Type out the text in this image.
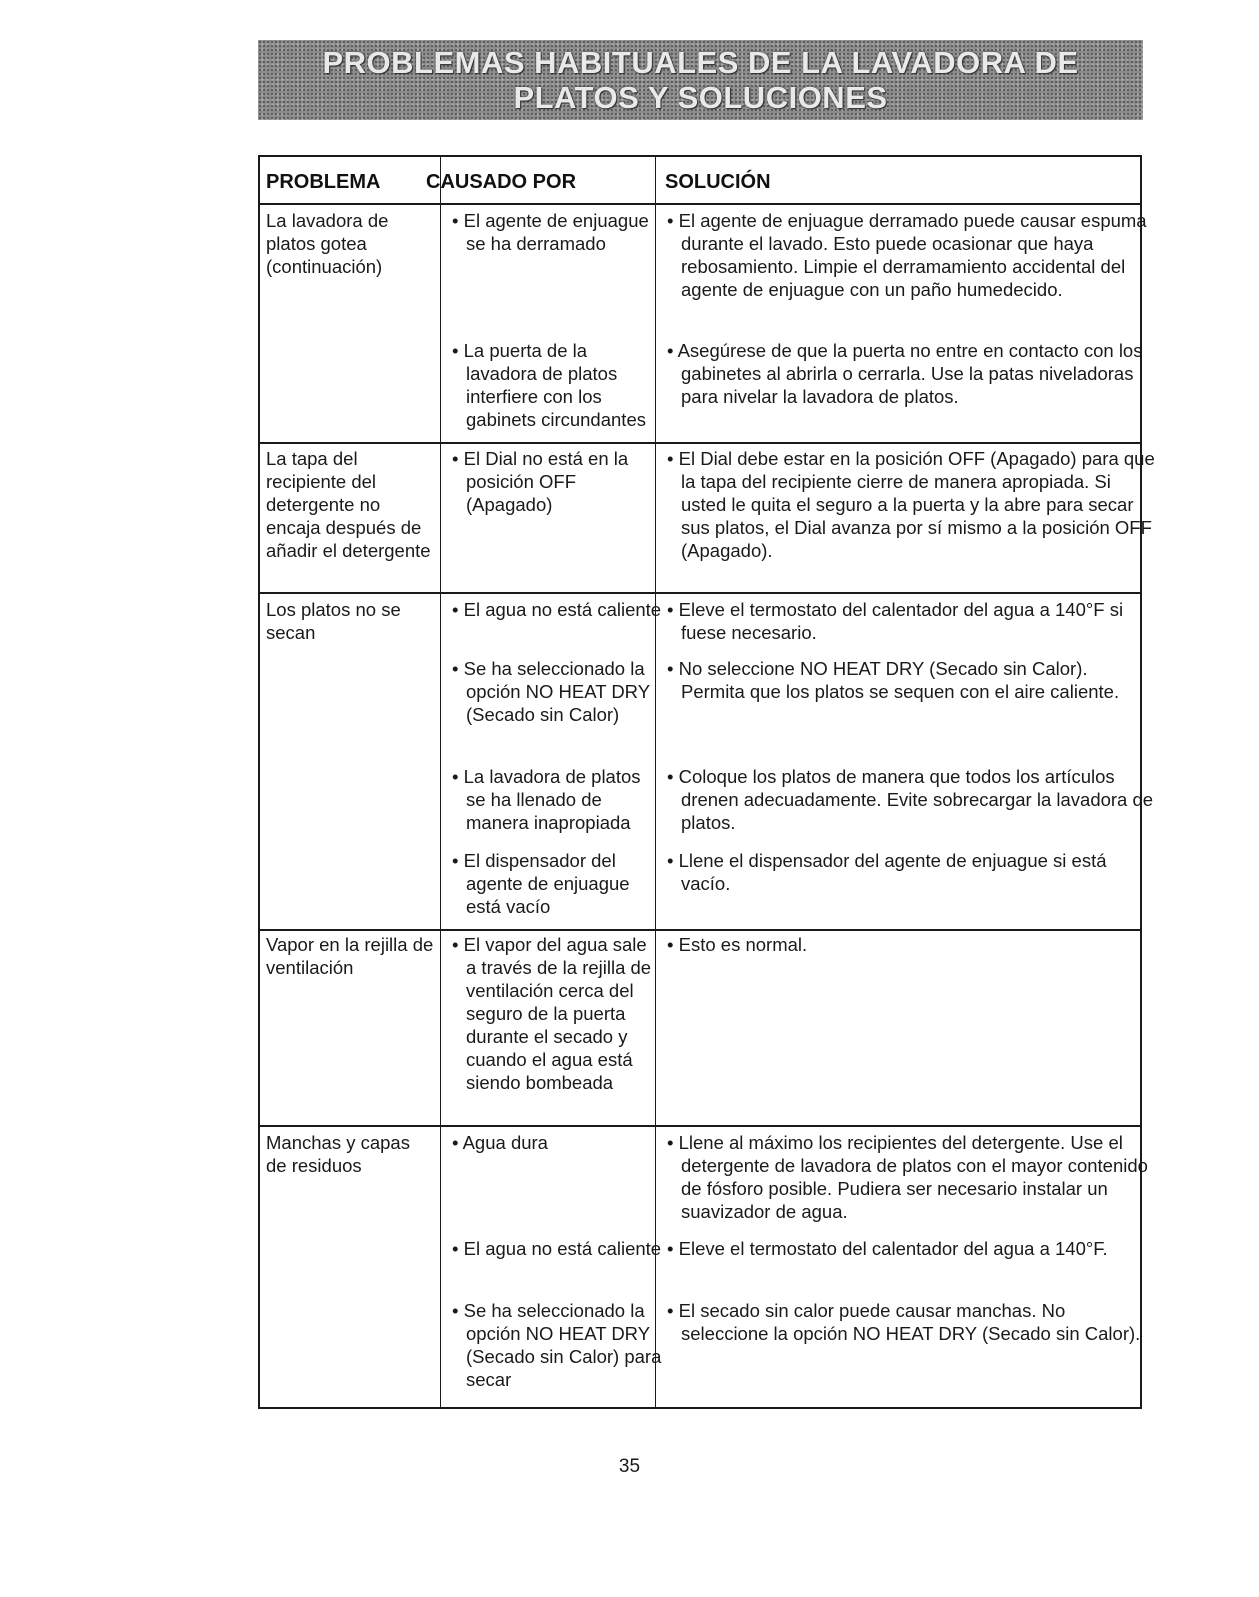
PROBLEMAS HABITUALES DE LA LAVADORA DE
PLATOS Y SOLUCIONES
PROBLEMA CAUSADO POR	SOLUCIÓN
La lavadora de platos gotea (continuación)
• El agente de enjuague se ha derramado
• El agente de enjuague derramado puede causar espuma durante el lavado. Esto puede ocasionar que haya rebosamiento. Limpie el derramamiento accidental del agente de enjuague con un paño humedecido.
• La puerta de la lavadora de platos interfiere con los gabinets circundantes
• Asegúrese de que la puerta no entre en contacto con los gabinetes al abrirla o cerrarla. Use la patas niveladoras para nivelar la lavadora de platos.
La tapa del recipiente del detergente no encaja después de añadir el detergente
• El Dial no está en la posición OFF (Apagado)
• El Dial debe estar en la posición OFF (Apagado) para que la tapa del recipiente cierre de manera apropiada. Si usted le quita el seguro a la puerta y la abre para secar sus platos, el Dial avanza por sí mismo a la posición OFF (Apagado).
Los platos no se secan
• El agua no está caliente • Eleve el termostato del calentador del agua a 140°F si fuese necesario.
• Se ha seleccionado la opción NO HEAT DRY (Secado sin Calor)
• No seleccione NO HEAT DRY (Secado sin Calor). Permita que los platos se sequen con el aire caliente.
• La lavadora de platos se ha llenado de manera inapropiada
• Coloque los platos de manera que todos los artículos drenen adecuadamente. Evite sobrecargar la lavadora de platos.
• El dispensador del agente de enjuague está vacío
• Llene el dispensador del agente de enjuague si está vacío.
Vapor en la rejilla de ventilación
• El vapor del agua sale a través de la rejilla de ventilación cerca del seguro de la puerta durante el secado y cuando el agua está siendo bombeada
• Esto es normal.
Manchas y capas de residuos
• Agua dura	• Llene al máximo los recipientes del detergente. Use el detergente de lavadora de platos con el mayor contenido de fósforo posible. Pudiera ser necesario instalar un suavizador de agua.
• El agua no está caliente • Eleve el termostato del calentador del agua a 140°F.
• Se ha seleccionado la opción NO HEAT DRY (Secado sin Calor) para secar
• El secado sin calor puede causar manchas. No seleccione la opción NO HEAT DRY (Secado sin Calor).
35
